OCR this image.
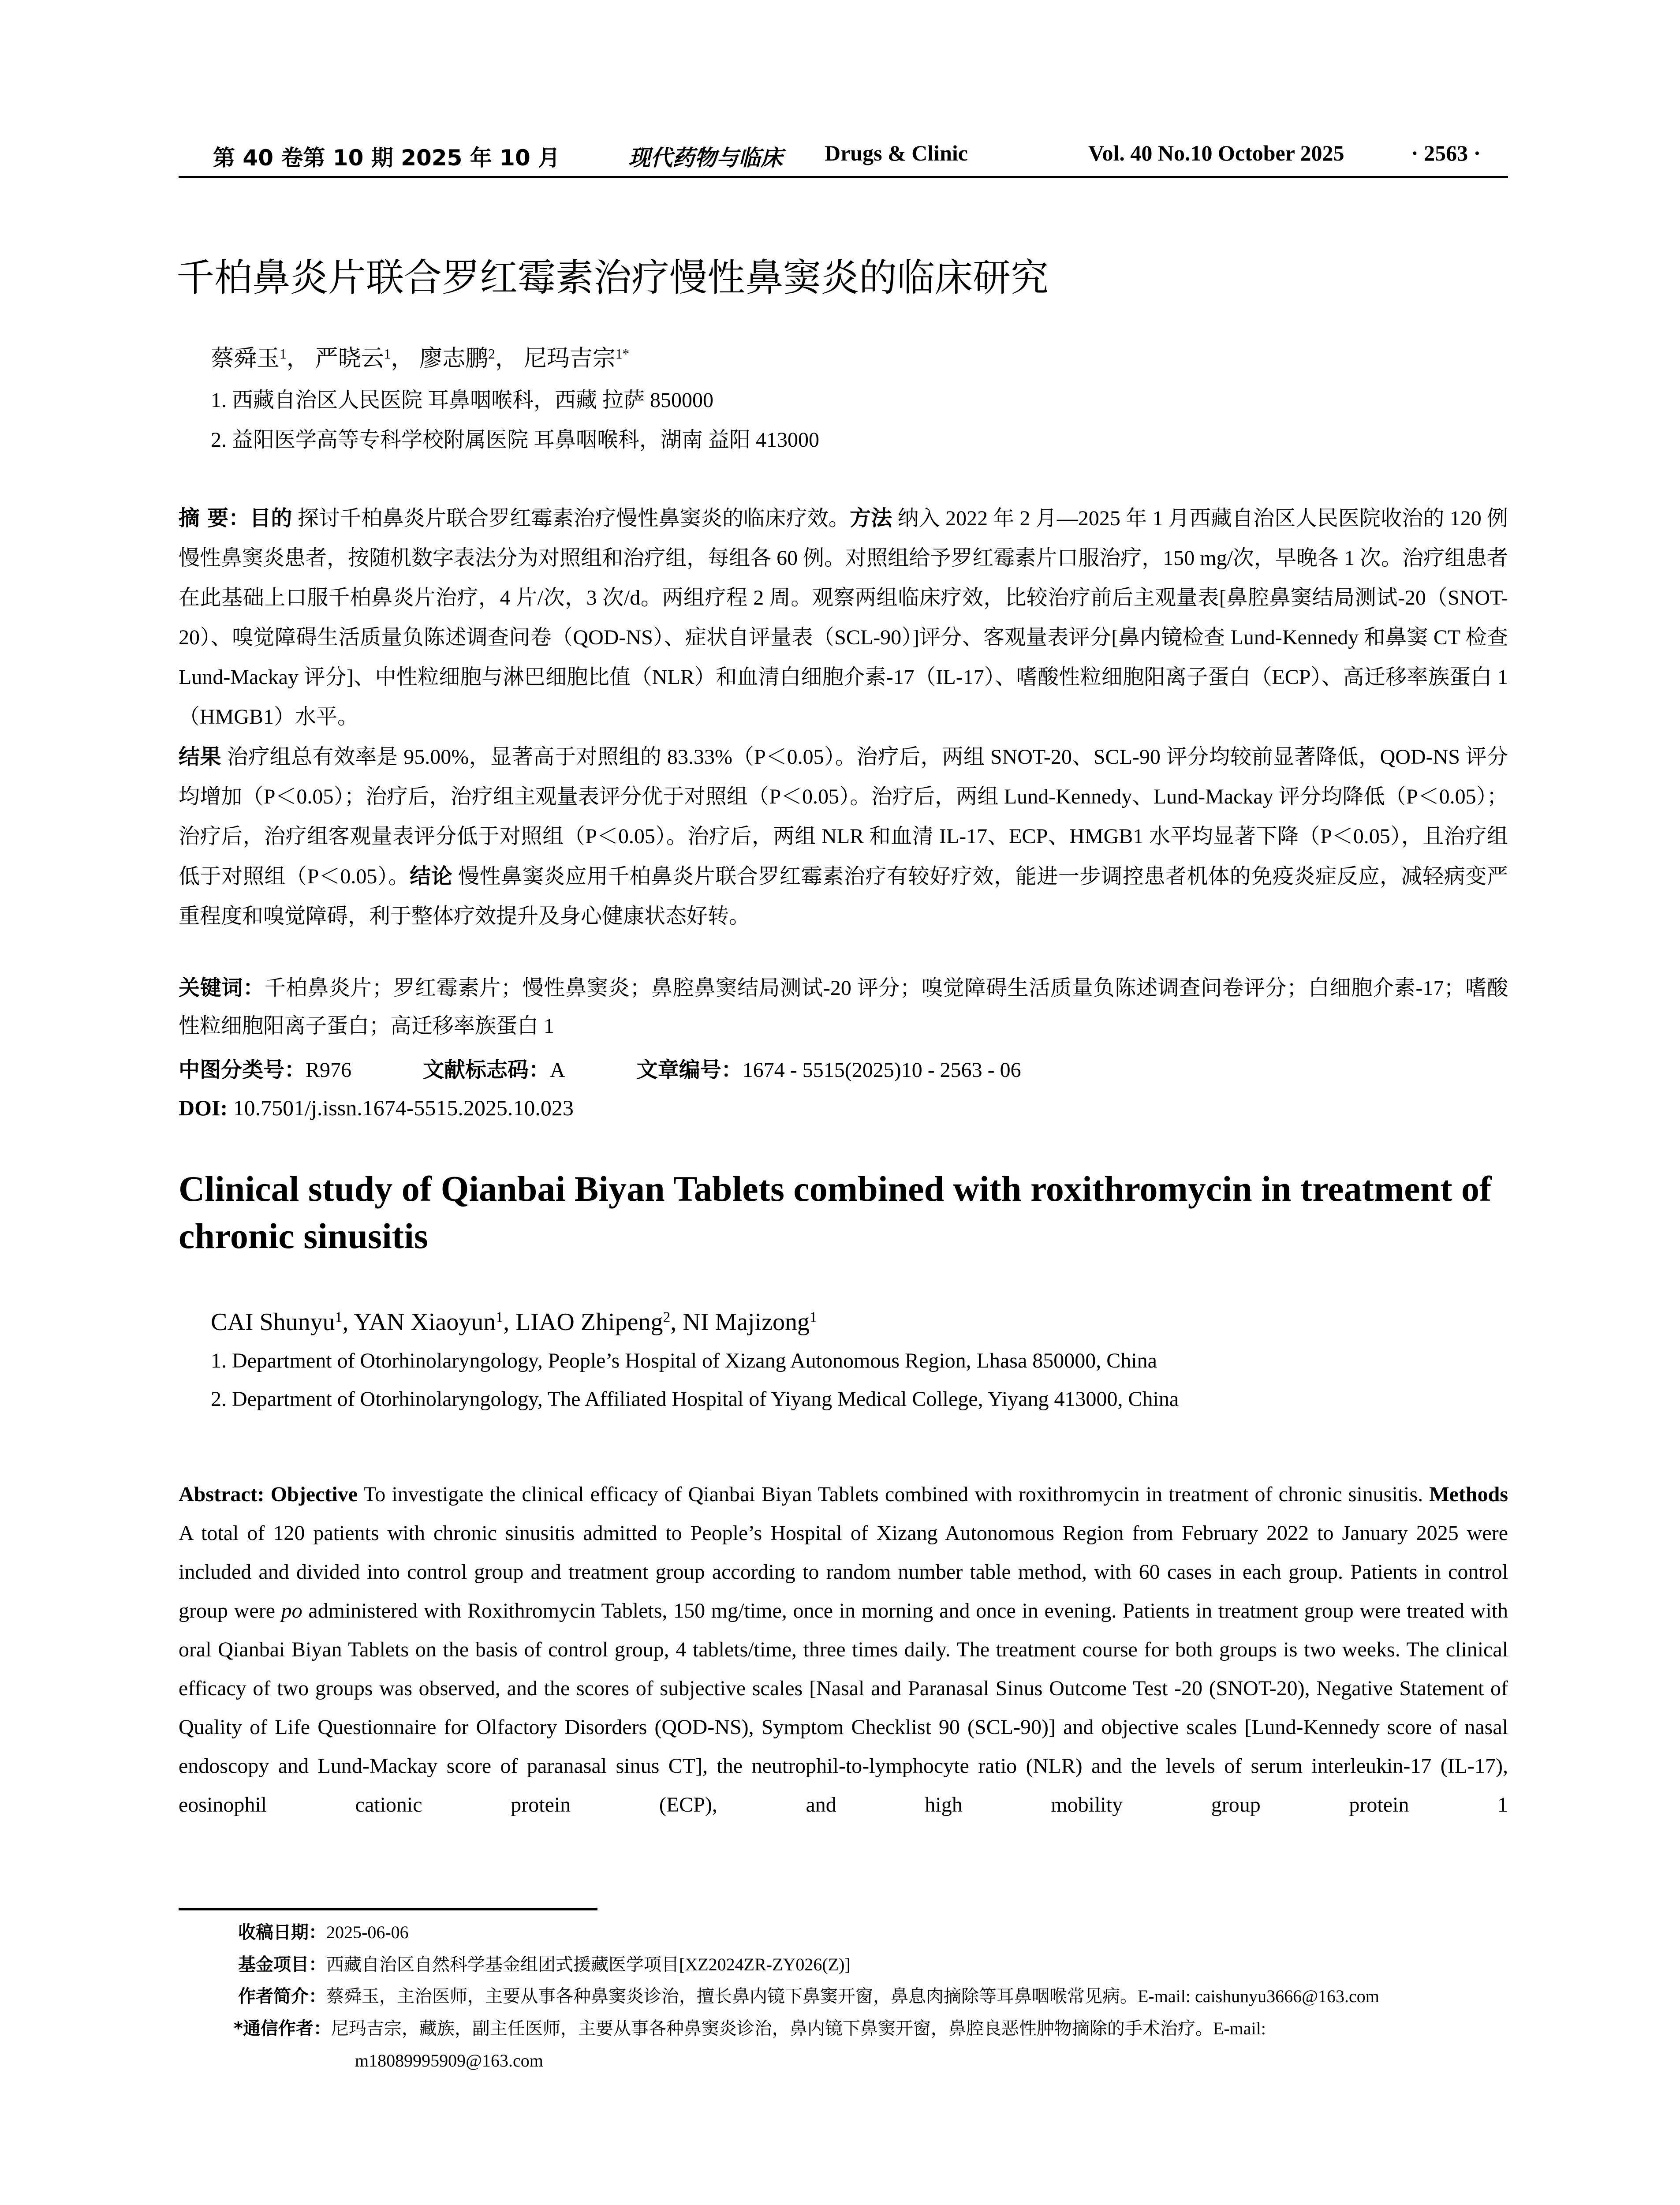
第 40 卷第 10 期 2025 年 10 月	现代药物与临床 Drugs & Clinic	Vol. 40 No.10 October 2025	· 2563 ·
千柏鼻炎片联合罗红霉素治疗慢性鼻窦炎的临床研究
蔡舜玉$^1$， 严晓云$^1$， 廖志鹏$^2$， 尼玛吉宗$^{1*}$
1. 西藏自治区人民医院 耳鼻咽喉科，西藏 拉萨 850000
2. 益阳医学高等专科学校附属医院 耳鼻咽喉科，湖南 益阳 413000
摘 要：目的 探讨千柏鼻炎片联合罗红霉素治疗慢性鼻窦炎的临床疗效。方法 纳入 2022 年 2 月—2025 年 1 月西藏自治区人民医院收治的 120 例慢性鼻窦炎患者，按随机数字表法分为对照组和治疗组，每组各 60 例。对照组给予罗红霉素片口服治疗，150 mg/次，早晚各 1 次。治疗组患者在此基础上口服千柏鼻炎片治疗，4 片/次，3 次/d。两组疗程 2 周。观察两组临床疗效，比较治疗前后主观量表[鼻腔鼻窦结局测试-20（SNOT-20）、嗅觉障碍生活质量负陈述调查问卷（QOD-NS）、症状自评量表（SCL-90）]评分、客观量表评分[鼻内镜检查 Lund-Kennedy 和鼻窦 CT 检查 Lund-Mackay 评分]、中性粒细胞与淋巴细胞比值（NLR）和血清白细胞介素-17（IL-17）、嗜酸性粒细胞阳离子蛋白（ECP）、高迁移率族蛋白 1（HMGB1）水平。
结果 治疗组总有效率是 95.00%，显著高于对照组的 83.33%（P＜0.05）。治疗后，两组 SNOT-20、SCL-90 评分均较前显著降低，QOD-NS 评分均增加（P＜0.05）；治疗后，治疗组主观量表评分优于对照组（P＜0.05）。治疗后，两组 Lund-Kennedy、Lund-Mackay 评分均降低（P＜0.05）；治疗后，治疗组客观量表评分低于对照组（P＜0.05）。治疗后，两组 NLR 和血清 IL-17、ECP、HMGB1 水平均显著下降（P＜0.05），且治疗组低于对照组（P＜0.05）。结论 慢性鼻窦炎应用千柏鼻炎片联合罗红霉素治疗有较好疗效，能进一步调控患者机体的免疫炎症反应，减轻病变严重程度和嗅觉障碍，利于整体疗效提升及身心健康状态好转。
关键词：千柏鼻炎片；罗红霉素片；慢性鼻窦炎；鼻腔鼻窦结局测试-20 评分；嗅觉障碍生活质量负陈述调查问卷评分；白细胞介素-17；嗜酸性粒细胞阳离子蛋白；高迁移率族蛋白 1
中图分类号：R976	文献标志码：A	文章编号：1674 - 5515(2025)10 - 2563 - 06
DOI: 10.7501/j.issn.1674-5515.2025.10.023
Clinical study of Qianbai Biyan Tablets combined with roxithromycin in treatment of chronic sinusitis
CAI Shunyu$^1$, YAN Xiaoyun$^1$, LIAO Zhipeng$^2$, NI Majizong$^1$
1. Department of Otorhinolaryngology, People’s Hospital of Xizang Autonomous Region, Lhasa 850000, China
2. Department of Otorhinolaryngology, The Affiliated Hospital of Yiyang Medical College, Yiyang 413000, China
Abstract: Objective To investigate the clinical efficacy of Qianbai Biyan Tablets combined with roxithromycin in treatment of chronic sinusitis. Methods A total of 120 patients with chronic sinusitis admitted to People’s Hospital of Xizang Autonomous Region from February 2022 to January 2025 were included and divided into control group and treatment group according to random number table method, with 60 cases in each group. Patients in control group were po administered with Roxithromycin Tablets, 150 mg/time, once in morning and once in evening. Patients in treatment group were treated with oral Qianbai Biyan Tablets on the basis of control group, 4 tablets/time, three times daily. The treatment course for both groups is two weeks. The clinical efficacy of two groups was observed, and the scores of subjective scales [Nasal and Paranasal Sinus Outcome Test -20 (SNOT-20), Negative Statement of Quality of Life Questionnaire for Olfactory Disorders (QOD-NS), Symptom Checklist 90 (SCL-90)] and objective scales [Lund-Kennedy score of nasal endoscopy and Lund-Mackay score of paranasal sinus CT], the neutrophil-to-lymphocyte ratio (NLR) and the levels of serum interleukin-17 (IL-17), eosinophil cationic protein (ECP), and high mobility group protein 1
收稿日期：2025-06-06
基金项目：西藏自治区自然科学基金组团式援藏医学项目[XZ2024ZR-ZY026(Z)]
作者简介：蔡舜玉，主治医师，主要从事各种鼻窦炎诊治，擅长鼻内镜下鼻窦开窗，鼻息肉摘除等耳鼻咽喉常见病。E-mail: caishunyu3666@163.com
*通信作者：尼玛吉宗，藏族，副主任医师，主要从事各种鼻窦炎诊治，鼻内镜下鼻窦开窗，鼻腔良恶性肿物摘除的手术治疗。E-mail:
m18089995909@163.com
